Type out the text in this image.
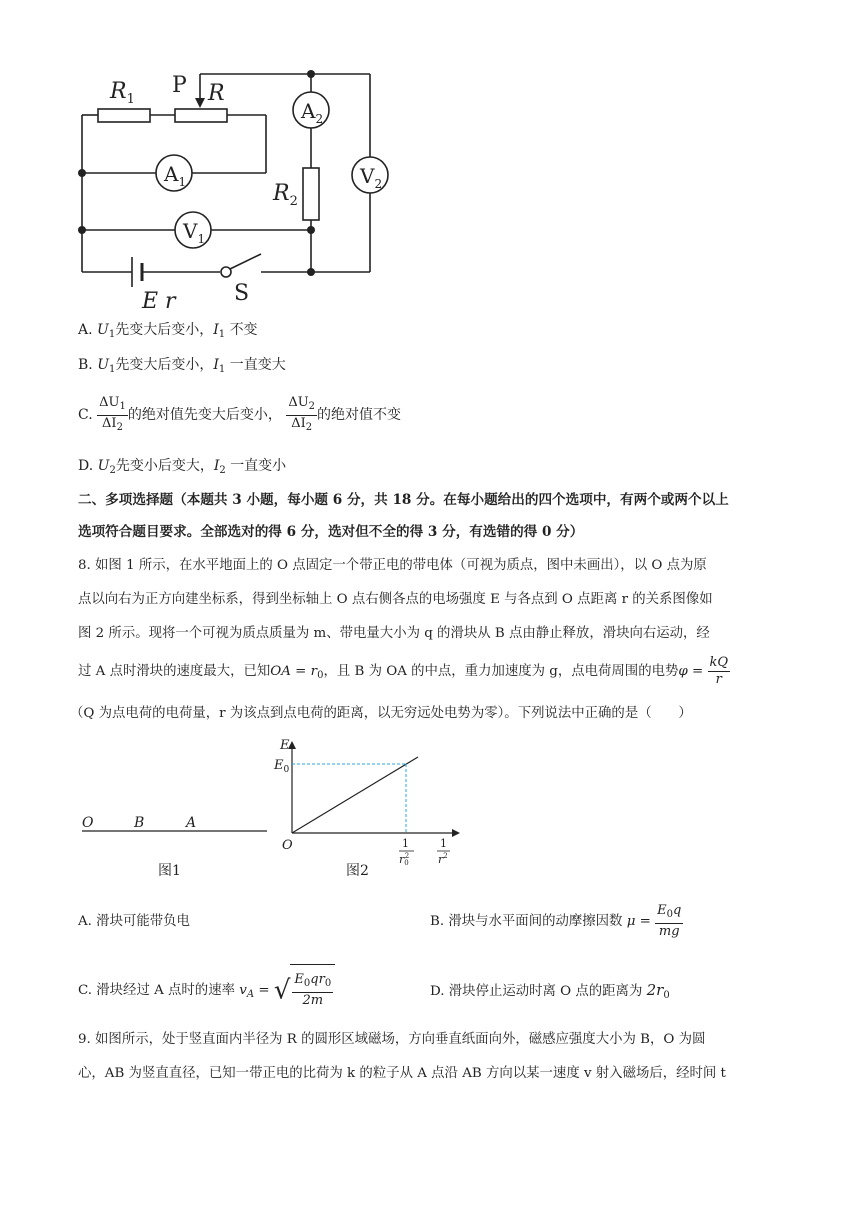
$R_1$
P R
$A_1$
$A_2$
$V_1$
$V_2$
$R_2$
E r	S
A. $U_1$先变大后变小，$I_1$ 不变
B. $U_1$先变大后变小，$I_1$ 一直变大
C. $\frac{\Delta U_1}{\Delta I_2}$ 的绝对值先变大后变小， $\frac{\Delta U_2}{\Delta I_2}$ 的绝对值不变
D. $U_2$先变小后变大，$I_2$ 一直变小
二、多项选择题（本题共 3 小题，每小题 6 分，共 18 分。在每小题给出的四个选项中，有两个或两个以上
选项符合题目要求。全部选对的得 6 分，选对但不全的得 3 分，有选错的得 0 分）
8. 如图 1 所示，在水平地面上的 O 点固定一个带正电的带电体（可视为质点，图中未画出），以 O 点为原
点以向右为正方向建坐标系，得到坐标轴上 O 点右侧各点的电场强度 E 与各点到 O 点距离 r 的关系图像如
图 2 所示。现将一个可视为质点质量为 m、带电量大小为 q 的滑块从 B 点由静止释放，滑块向右运动，经
过 A 点时滑块的速度最大，已知OA = $r_0$，且 B 为 OA 的中点，重力加速度为 g，点电荷周围的电势$\varphi = \frac{kQ}{r}$
（Q 为点电荷的电荷量，r 为该点到点电荷的距离，以无穷远处电势为零）。下列说法中正确的是（　　）
O	B	A
图1
E
$E_0$
O	1
r02
1
$r^2$
图2
A. 滑块可能带负电	B. 滑块与水平面间的动摩擦因数 $\mu = \frac{E_0q}{mg}$
C. 滑块经过 A 点时的速率 $v_A$ = √ $\frac{E_0qr_0}{2m}$	D. 滑块停止运动时离 O 点的距离为 $2r_0$
9. 如图所示，处于竖直面内半径为 R 的圆形区域磁场，方向垂直纸面向外，磁感应强度大小为 B，O 为圆
心，AB 为竖直直径，已知一带正电的比荷为 k 的粒子从 A 点沿 AB 方向以某一速度 v 射入磁场后，经时间 t
